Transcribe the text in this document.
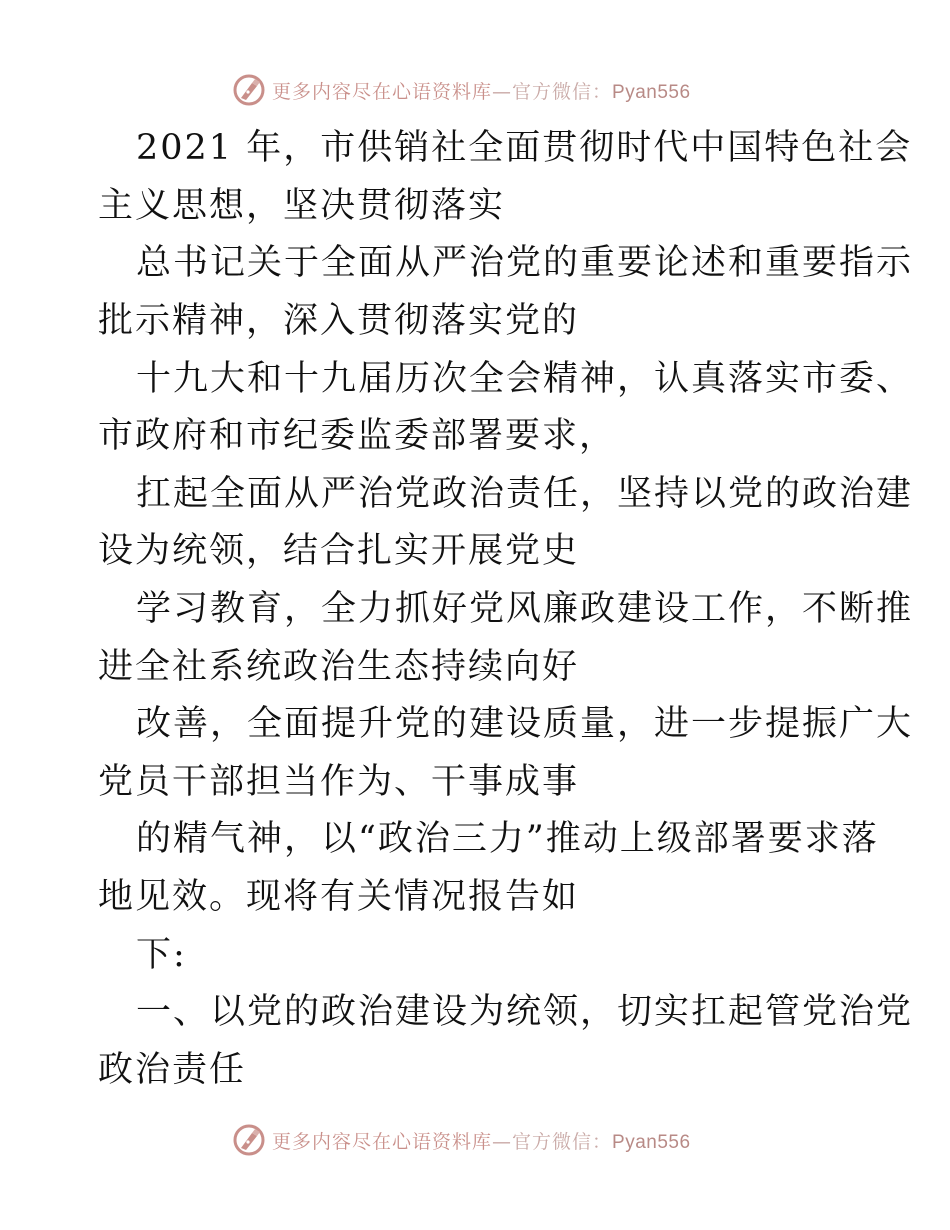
更多内容尽在心语资料库—官方微信：Pyan556
2021 年，市供销社全面贯彻时代中国特色社会
主义思想，坚决贯彻落实
总书记关于全面从严治党的重要论述和重要指示
批示精神，深入贯彻落实党的
十九大和十九届历次全会精神，认真落实市委、
市政府和市纪委监委部署要求，
扛起全面从严治党政治责任，坚持以党的政治建
设为统领，结合扎实开展党史
学习教育，全力抓好党风廉政建设工作，不断推
进全社系统政治生态持续向好
改善，全面提升党的建设质量，进一步提振广大
党员干部担当作为、干事成事
的精气神，以“政治三力”推动上级部署要求落
地见效。现将有关情况报告如
下:
一、以党的政治建设为统领，切实扛起管党治党
政治责任
更多内容尽在心语资料库—官方微信：Pyan556
